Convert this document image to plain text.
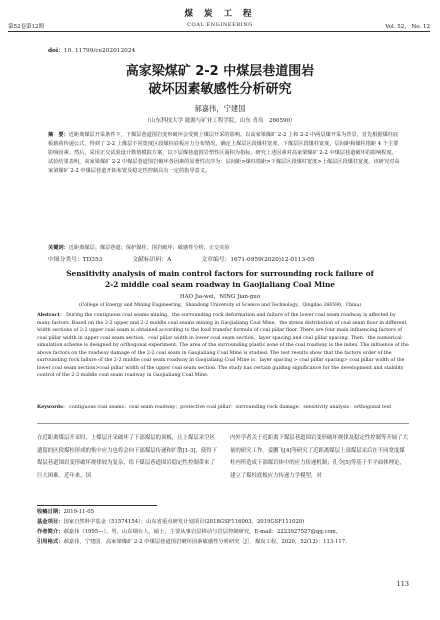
煤 炭 工 程
第52卷第12期	COAL ENGINEERING	Vol. 52， No. 12
doi：10. 11799/ce202012024
高家梁煤矿 2-2 中煤层巷道围岩
破坏因素敏感性分析研究
郝嘉伟，宁建国
（山东科技大学 能源与矿业工程学院，山东 青岛　266590）
摘　要：近距离煤层开采条件下，下煤层巷道围岩变形破坏会受到上煤层开采的影响。以高家梁煤矿 2-2 上和 2-2 中两层煤开采为背景，首先根据煤柱底板载荷传递公式，得到了 2-2 上煤层不同宽度区段煤柱底板应力分布情况，确定上煤层区段煤柱宽度、下煤层区段煤柱宽度、层间距和煤柱错距 4 个主要影响因素。然后，采用正交试验设计数值模拟方案，以下层煤巷道围岩塑性区面积为指标，研究上述因素对高家梁煤矿 2-2 中煤层巷道破坏的影响程度。试验结果表明，高家梁煤矿 2-2 中煤层巷道围岩破坏各因素的显著性次序为：层间距>煤柱错距>下煤层区段煤柱宽度>上煤层区段煤柱宽度。该研究对高家梁煤矿 2-2 中煤层巷道开拓布置及稳定性控制具有一定的指导意义。
关键词：近距离煤层；煤层巷道；保护煤柱；围岩破坏；敏感性分析；正交实验
中图分类号：TD353	文献标识码：A	文章编号：1671-0959(2020)12-0113-05
Sensitivity analysis of main control factors for surrounding rock failure of
2-2 middle coal seam roadway in Gaojialiang Coal Mine
HAO Jia-wei，NING Jian-guo
(College of Energy and Mining Engineering，Shandong University of Science and Technology，Qingdao 266590，China)
Abstract： During the contiguous coal seams mining，the surrounding rock deformation and failure of the lower coal seam roadway is affected by many factors. Based on the 2-2 upper and 2-2 middle coal seams mining in Gaojialiang Coal Mine，the stress distribution of coal seam floor in different width sections of 2-2 upper coal seam is obtained according to the load transfer formula of coal pillar floor. There are four main influencing factors of coal pillar width in upper coal seam section，coal pillar width in lower coal seam section，layer spacing and coal pillar spacing. Then，the numerical simulation scheme is designed by orthogonal experiment. The area of the surrounding plastic zone of the coal roadway is the index. The influence of the above factors on the roadway damage of the 2-2 coal seam in Gaojialiang Coal Mine is studied. The test results show that the factors order of the surrounding rock failure of the 2-2 middle coal seam roadway in Gaojialiang Coal Mine is：layer spacing > coal pillar spacing> coal pillar width of the lower coal seam section>coal pillar width of the upper coal seam section. The study has certain guiding significance for the development and stability control of the 2-2 middle coal seam roadway in Gaojialiang Coal Mine.
Keywords： contiguous coal seams；coal seam roadway；protective coal pillar；surrounding rock damage；sensitivity analysis；orthogonal test
在近距离煤层开采时，上煤层开采破坏了下部煤层的顶板，且上煤层采空区遗留的区段煤柱形成的集中应力也将会向下部煤层传递和扩散[1-3]，使得下煤层巷道围岩变形破坏规律较为复杂，给下煤层巷道围岩稳定性控制带来了巨大困难。近年来，国
内外学者关于近距离下煤层巷道围岩变形破坏规律及稳定性控制等开展了大量的研究工作。姜鹏飞[4]等研究了近距离煤层上部煤层采后在不同宽度煤柱内所造成下部煤岩体中的应力传递机制；孔令[5]等基于半平面体理论，建立了煤柱底板应力传递力学模型，对
收稿日期：2019-11-05
基金项目：国家自然科学基金（51574154）；山东省重点研发计划项目(2018GSF116003，2019GSF111020)
作者简介：郝嘉伟（1995—），男，山东烟台人，硕士，主要从事岩层移动与岩层控制研究，E-mail：2223927527@qq.com。
引用格式：郝嘉伟，宁建国．高家梁煤矿 2-2 中煤层巷道围岩破坏因素敏感性分析研究［J］．煤炭工程，2020，52(12)：113-117.
113
